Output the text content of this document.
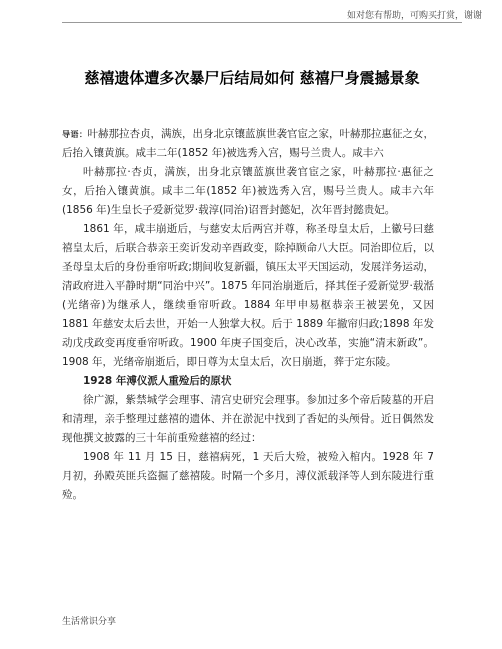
如对您有帮助，可购买打赏，谢谢
慈禧遗体遭多次暴尸后结局如何 慈禧尸身震撼景象

导语：叶赫那拉杏贞，满族，出身北京镶蓝旗世袭官宦之家，叶赫那拉惠征之女，后抬入镶黄旗。咸丰二年(1852 年)被选秀入宫，赐号兰贵人。咸丰六

叶赫那拉·杏贞，满族，出身北京镶蓝旗世袭官宦之家，叶赫那拉·惠征之女，后抬入镶黄旗。咸丰二年(1852 年)被选秀入宫，赐号兰贵人。咸丰六年(1856 年)生皇长子爱新觉罗·载淳(同治)诏晋封懿妃，次年晋封懿贵妃。

1861 年，咸丰崩逝后，与慈安太后两宫并尊，称圣母皇太后，上徽号曰慈禧皇太后，后联合恭亲王奕䜣发动辛酉政变，除掉顾命八大臣。同治即位后，以圣母皇太后的身份垂帘听政;期间收复新疆，镇压太平天国运动，发展洋务运动，清政府进入平静时期“同治中兴”。1875 年同治崩逝后，择其侄子爱新觉罗·载湉(光绪帝)为继承人，继续垂帘听政。1884 年甲申易枢恭亲王被罢免，又因 1881 年慈安太后去世，开始一人独掌大权。后于 1889 年撤帘归政;1898 年发动戊戌政变再度垂帘听政。1900 年庚子国变后，决心改革，实施“清末新政”。1908 年，光绪帝崩逝后，即日尊为太皇太后，次日崩逝，葬于定东陵。

1928 年溥仪派人重殓后的原状

徐广源，紫禁城学会理事、清宫史研究会理事。参加过多个帝后陵墓的开启和清理，亲手整理过慈禧的遗体、并在淤泥中找到了香妃的头颅骨。近日偶然发现他撰文披露的三十年前重殓慈禧的经过：

1908 年 11 月 15 日，慈禧病死，1 天后大殓，被殓入棺内。1928 年 7 月初，孙殿英匪兵盗掘了慈禧陵。时隔一个多月，溥仪派载泽等人到东陵进行重殓。

生活常识分享
